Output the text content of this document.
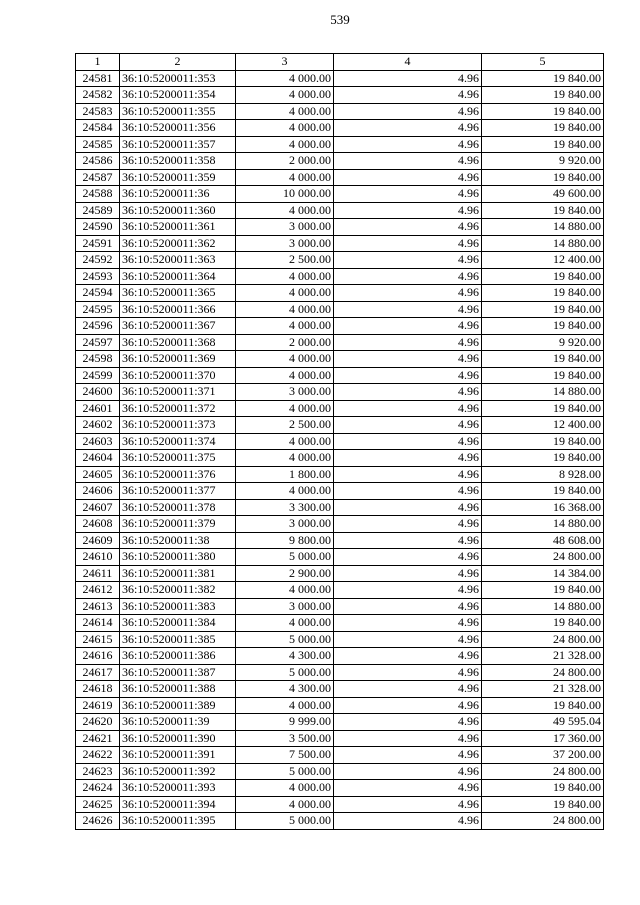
539
1	2	3	4	5
24581	36:10:5200011:353	4 000.00	4.96	19 840.00
24582	36:10:5200011:354	4 000.00	4.96	19 840.00
24583	36:10:5200011:355	4 000.00	4.96	19 840.00
24584	36:10:5200011:356	4 000.00	4.96	19 840.00
24585	36:10:5200011:357	4 000.00	4.96	19 840.00
24586	36:10:5200011:358	2 000.00	4.96	9 920.00
24587	36:10:5200011:359	4 000.00	4.96	19 840.00
24588	36:10:5200011:36	10 000.00	4.96	49 600.00
24589	36:10:5200011:360	4 000.00	4.96	19 840.00
24590	36:10:5200011:361	3 000.00	4.96	14 880.00
24591	36:10:5200011:362	3 000.00	4.96	14 880.00
24592	36:10:5200011:363	2 500.00	4.96	12 400.00
24593	36:10:5200011:364	4 000.00	4.96	19 840.00
24594	36:10:5200011:365	4 000.00	4.96	19 840.00
24595	36:10:5200011:366	4 000.00	4.96	19 840.00
24596	36:10:5200011:367	4 000.00	4.96	19 840.00
24597	36:10:5200011:368	2 000.00	4.96	9 920.00
24598	36:10:5200011:369	4 000.00	4.96	19 840.00
24599	36:10:5200011:370	4 000.00	4.96	19 840.00
24600	36:10:5200011:371	3 000.00	4.96	14 880.00
24601	36:10:5200011:372	4 000.00	4.96	19 840.00
24602	36:10:5200011:373	2 500.00	4.96	12 400.00
24603	36:10:5200011:374	4 000.00	4.96	19 840.00
24604	36:10:5200011:375	4 000.00	4.96	19 840.00
24605	36:10:5200011:376	1 800.00	4.96	8 928.00
24606	36:10:5200011:377	4 000.00	4.96	19 840.00
24607	36:10:5200011:378	3 300.00	4.96	16 368.00
24608	36:10:5200011:379	3 000.00	4.96	14 880.00
24609	36:10:5200011:38	9 800.00	4.96	48 608.00
24610	36:10:5200011:380	5 000.00	4.96	24 800.00
24611	36:10:5200011:381	2 900.00	4.96	14 384.00
24612	36:10:5200011:382	4 000.00	4.96	19 840.00
24613	36:10:5200011:383	3 000.00	4.96	14 880.00
24614	36:10:5200011:384	4 000.00	4.96	19 840.00
24615	36:10:5200011:385	5 000.00	4.96	24 800.00
24616	36:10:5200011:386	4 300.00	4.96	21 328.00
24617	36:10:5200011:387	5 000.00	4.96	24 800.00
24618	36:10:5200011:388	4 300.00	4.96	21 328.00
24619	36:10:5200011:389	4 000.00	4.96	19 840.00
24620	36:10:5200011:39	9 999.00	4.96	49 595.04
24621	36:10:5200011:390	3 500.00	4.96	17 360.00
24622	36:10:5200011:391	7 500.00	4.96	37 200.00
24623	36:10:5200011:392	5 000.00	4.96	24 800.00
24624	36:10:5200011:393	4 000.00	4.96	19 840.00
24625	36:10:5200011:394	4 000.00	4.96	19 840.00
24626	36:10:5200011:395	5 000.00	4.96	24 800.00
